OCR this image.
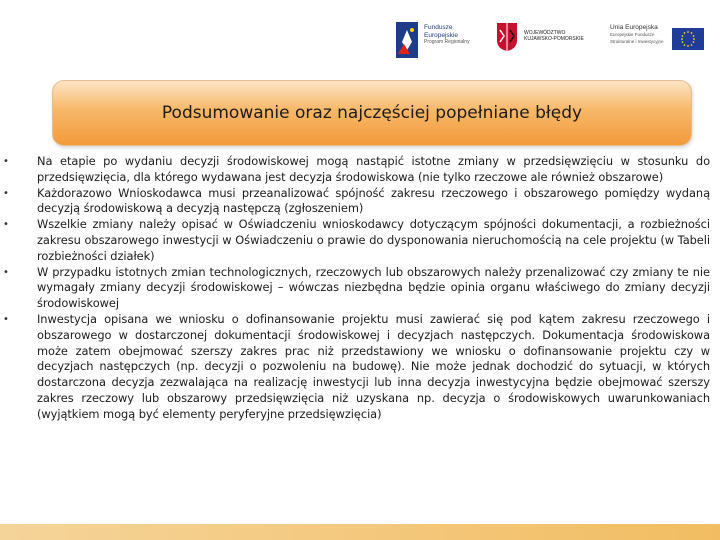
Fundusze
Europejskie
Program Regionalny
WOJEWÓDZTWO
KUJAWSKO-POMORSKIE
Unia Europejska
Europejskie Fundusze
Strukturalne i Inwestycyjne
Podsumowanie oraz najczęściej popełniane błędy
• Na etapie po wydaniu decyzji środowiskowej mogą nastąpić istotne zmiany w przedsięwzięciu w stosunku do przedsięwzięcia, dla którego wydawana jest decyzja środowiskowa (nie tylko rzeczowe ale również obszarowe)
• Każdorazowo Wnioskodawca musi przeanalizować spójność zakresu rzeczowego i obszarowego pomiędzy wydaną decyzją środowiskową a decyzją następczą (zgłoszeniem)
• Wszelkie zmiany należy opisać w Oświadczeniu wnioskodawcy dotyczącym spójności dokumentacji, a rozbieżności zakresu obszarowego inwestycji w Oświadczeniu o prawie do dysponowania nieruchomością na cele projektu (w Tabeli rozbieżności działek)
• W przypadku istotnych zmian technologicznych, rzeczowych lub obszarowych należy przenalizować czy zmiany te nie wymagały zmiany decyzji środowiskowej – wówczas niezbędna będzie opinia organu właściwego do zmiany decyzji środowiskowej
• Inwestycja opisana we wniosku o dofinansowanie projektu musi zawierać się pod kątem zakresu rzeczowego i obszarowego w dostarczonej dokumentacji środowiskowej i decyzjach następczych. Dokumentacja środowiskowa może zatem obejmować szerszy zakres prac niż przedstawiony we wniosku o dofinansowanie projektu czy w decyzjach następczych (np. decyzji o pozwoleniu na budowę). Nie może jednak dochodzić do sytuacji, w których dostarczona decyzja zezwalająca na realizację inwestycji lub inna decyzja inwestycyjna będzie obejmować szerszy zakres rzeczowy lub obszarowy przedsięwzięcia niż uzyskana np. decyzja o środowiskowych uwarunkowaniach (wyjątkiem mogą być elementy peryferyjne przedsięwzięcia)
